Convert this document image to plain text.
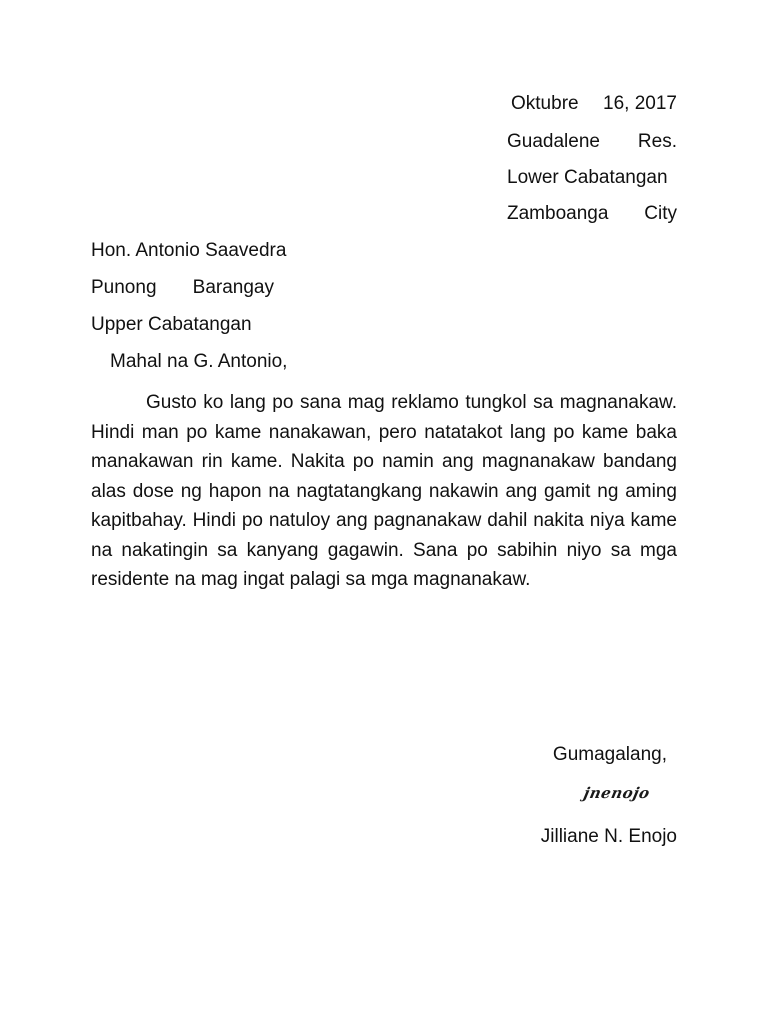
Oktubre 16, 2017
Guadalene Res.
Lower Cabatangan
Zamboanga City
Hon. Antonio Saavedra
Punong Barangay
Upper Cabatangan
Mahal na G. Antonio,
Gusto ko lang po sana mag reklamo tungkol sa magnanakaw. Hindi man po kame nanakawan, pero natatakot lang po kame baka manakawan rin kame. Nakita po namin ang magnanakaw bandang alas dose ng hapon na nagtatangkang nakawin ang gamit ng aming kapitbahay. Hindi po natuloy ang pagnanakaw dahil nakita niya kame na nakatingin sa kanyang gagawin. Sana po sabihin niyo sa mga residente na mag ingat palagi sa mga magnanakaw.
Gumagalang,
jnenojo
Jilliane N. Enojo
